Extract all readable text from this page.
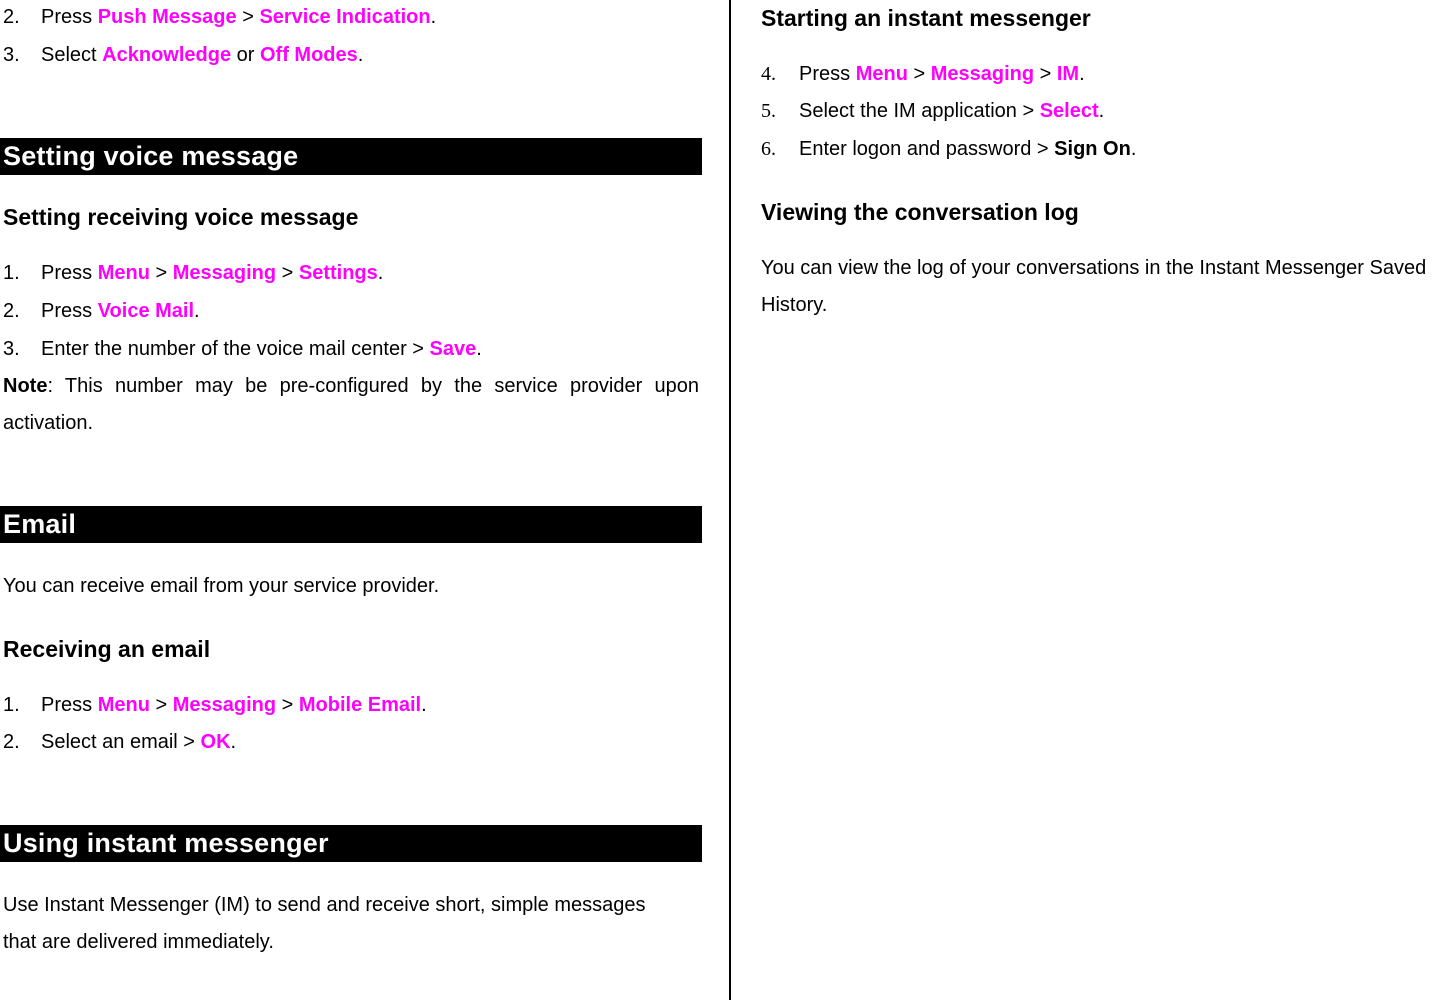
2. Press Push Message > Service Indication.
3. Select Acknowledge or Off Modes.
Setting voice message
Setting receiving voice message
1. Press Menu > Messaging > Settings.
2. Press Voice Mail.
3. Enter the number of the voice mail center > Save.
Note: This number may be pre-configured by the service provider upon activation.
Email
You can receive email from your service provider.
Receiving an email
1. Press Menu > Messaging > Mobile Email.
2. Select an email > OK.
Using instant messenger
Use Instant Messenger (IM) to send and receive short, simple messages
that are delivered immediately.
Starting an instant messenger
4. Press Menu > Messaging > IM.
5. Select the IM application > Select.
6. Enter logon and password > Sign On.
Viewing the conversation log
You can view the log of your conversations in the Instant Messenger Saved
History.
